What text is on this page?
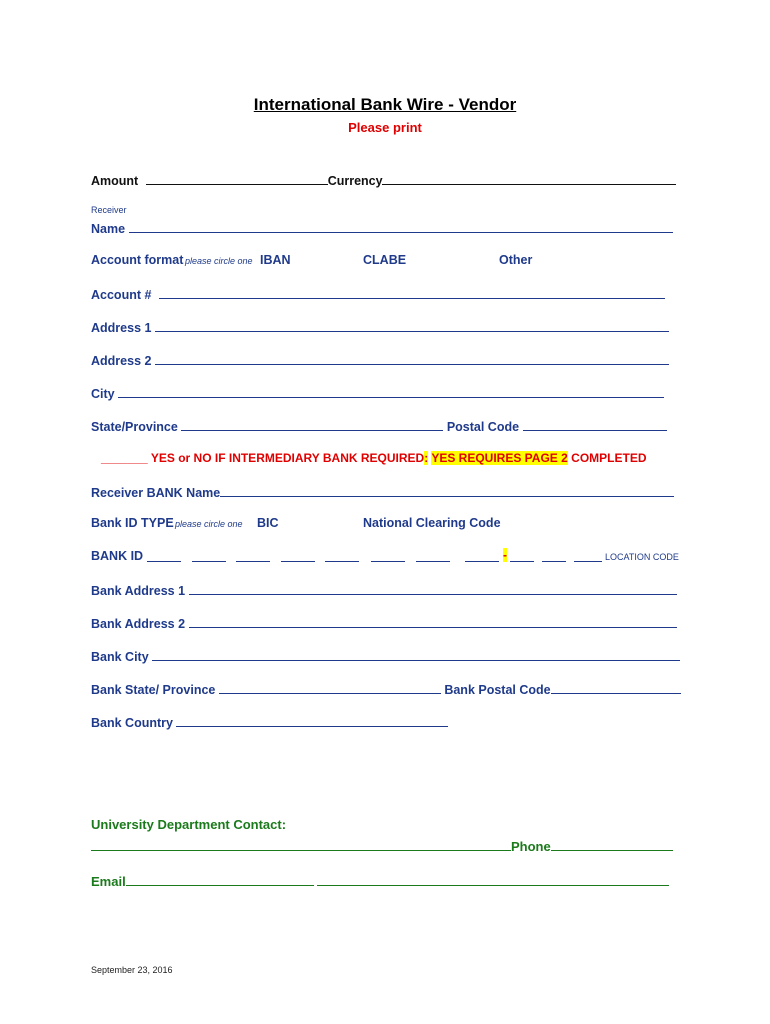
International Bank Wire - Vendor
Please print
Amount	Currency
Receiver
Name
Account format please circle one IBAN	CLABE	Other
Account #
Address 1
Address 2
City
State/Province	Postal Code
_______ YES or NO IF INTERMEDIARY BANK REQUIRED: YES REQUIRES PAGE 2 COMPLETED
Receiver BANK Name
Bank ID TYPE please circle one BIC	National Clearing Code
BANK ID	-	LOCATION CODE
Bank Address 1
Bank Address 2
Bank City
Bank State/ Province	Bank Postal Code
Bank Country
University Department Contact:
Phone
Email
September 23, 2016
